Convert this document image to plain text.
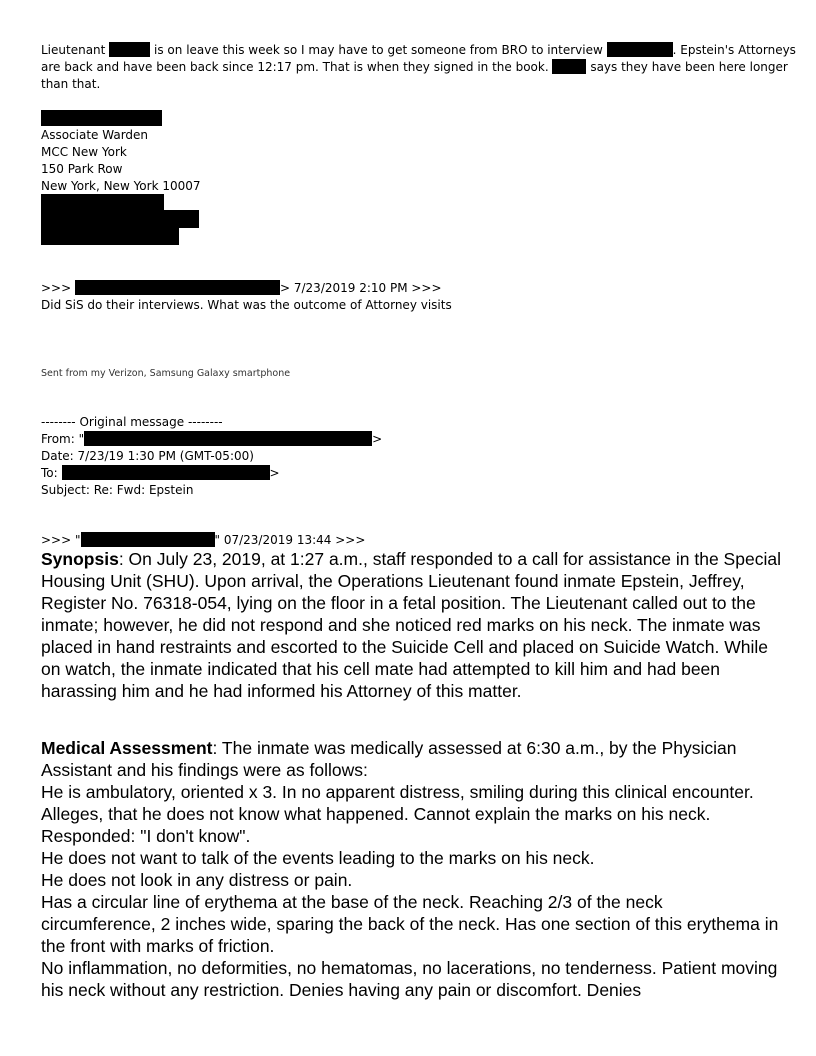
Lieutenant	is on leave this week so I may have to get someone from BRO to interview	. Epstein's Attorneys
are back and have been back since 12:17 pm. That is when they signed in the book.	says they have been here longer
than that.
Associate Warden
MCC New York
150 Park Row
New York, New York 10007
>>>	> 7/23/2019 2:10 PM >>>
Did SiS do their interviews. What was the outcome of Attorney visits
Sent from my Verizon, Samsung Galaxy smartphone
-------- Original message --------
From: "	>
Date: 7/23/19 1:30 PM (GMT-05:00)
To:	>
Subject: Re: Fwd: Epstein
>>> "	" 07/23/2019 13:44 >>>

Synopsis: On July 23, 2019, at 1:27 a.m., staff responded to a call for assistance in the Special Housing Unit (SHU). Upon arrival, the Operations Lieutenant found inmate Epstein, Jeffrey, Register No. 76318-054, lying on the floor in a fetal position. The Lieutenant called out to the inmate; however, he did not respond and she noticed red marks on his neck. The inmate was placed in hand restraints and escorted to the Suicide Cell and placed on Suicide Watch. While on watch, the inmate indicated that his cell mate had attempted to kill him and had been harassing him and he had informed his Attorney of this matter.

Medical Assessment: The inmate was medically assessed at 6:30 a.m., by the Physician Assistant and his findings were as follows:

He is ambulatory, oriented x 3. In no apparent distress, smiling during this clinical encounter. Alleges, that he does not know what happened. Cannot explain the marks on his neck. Responded: "I don't know".

He does not want to talk of the events leading to the marks on his neck.

He does not look in any distress or pain.

Has a circular line of erythema at the base of the neck. Reaching 2/3 of the neck circumference, 2 inches wide, sparing the back of the neck. Has one section of this erythema in the front with marks of friction.

No inflammation, no deformities, no hematomas, no lacerations, no tenderness. Patient moving his neck without any restriction. Denies having any pain or discomfort. Denies
